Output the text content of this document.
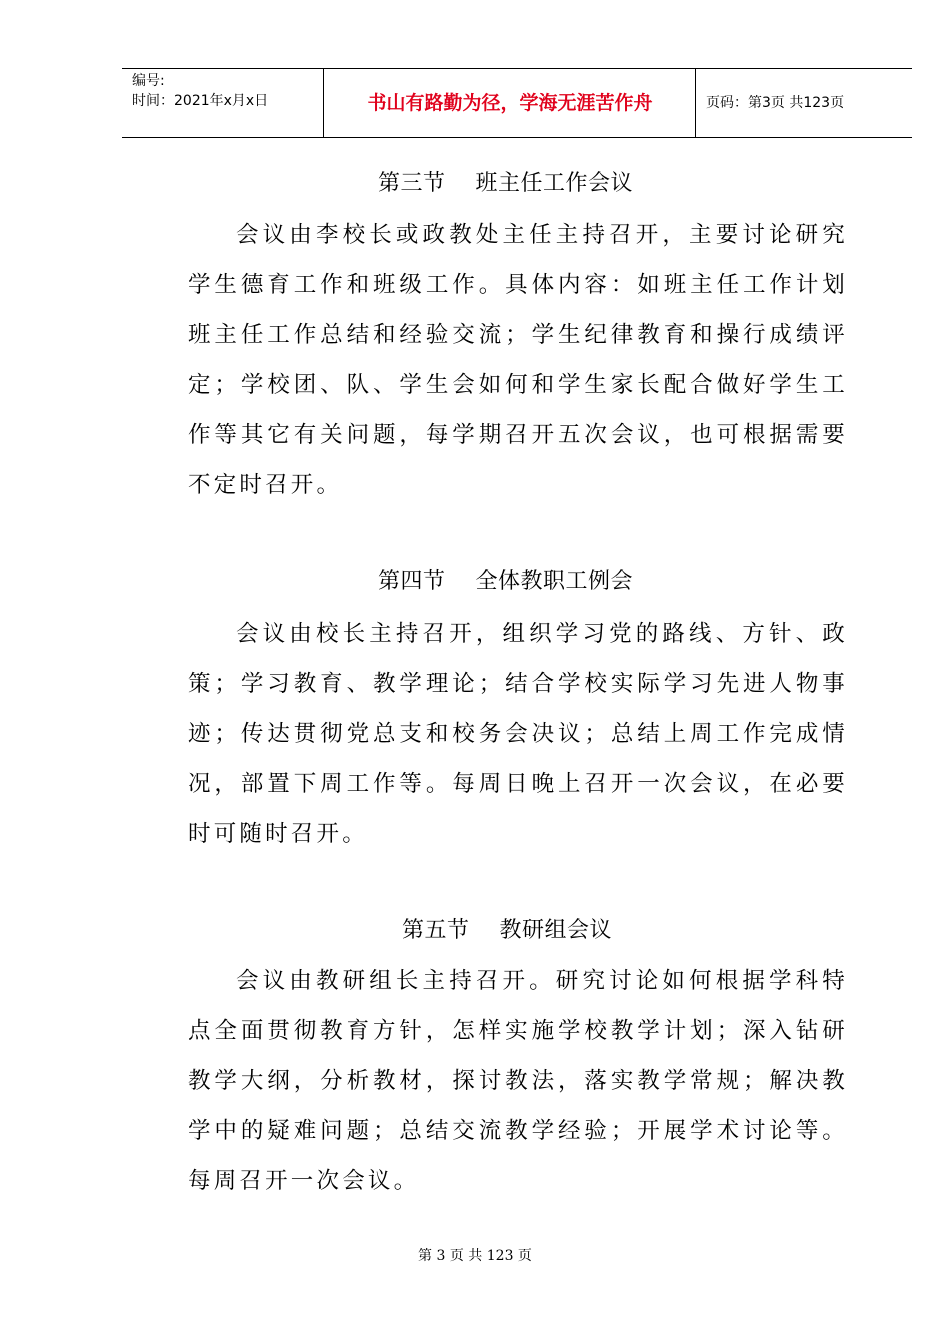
编号:
时间：2021年x月x日	书山有路勤为径，学海无涯苦作舟	页码：第3页 共123页
第三节    班主任工作会议
会议由李校长或政教处主任主持召开，主要讨论研究学生德育工作和班级工作。具体内容：如班主任工作计划班主任工作总结和经验交流；学生纪律教育和操行成绩评定；学校团、队、学生会如何和学生家长配合做好学生工作等其它有关问题，每学期召开五次会议，也可根据需要不定时召开。
第四节    全体教职工例会
会议由校长主持召开，组织学习党的路线、方针、政策；学习教育、教学理论；结合学校实际学习先进人物事迹；传达贯彻党总支和校务会决议；总结上周工作完成情况，部置下周工作等。每周日晚上召开一次会议，在必要时可随时召开。
第五节    教研组会议
会议由教研组长主持召开。研究讨论如何根据学科特点全面贯彻教育方针，怎样实施学校教学计划；深入钻研教学大纲，分析教材，探讨教法，落实教学常规；解决教学中的疑难问题；总结交流教学经验；开展学术讨论等。每周召开一次会议。
第 3 页 共 123 页
